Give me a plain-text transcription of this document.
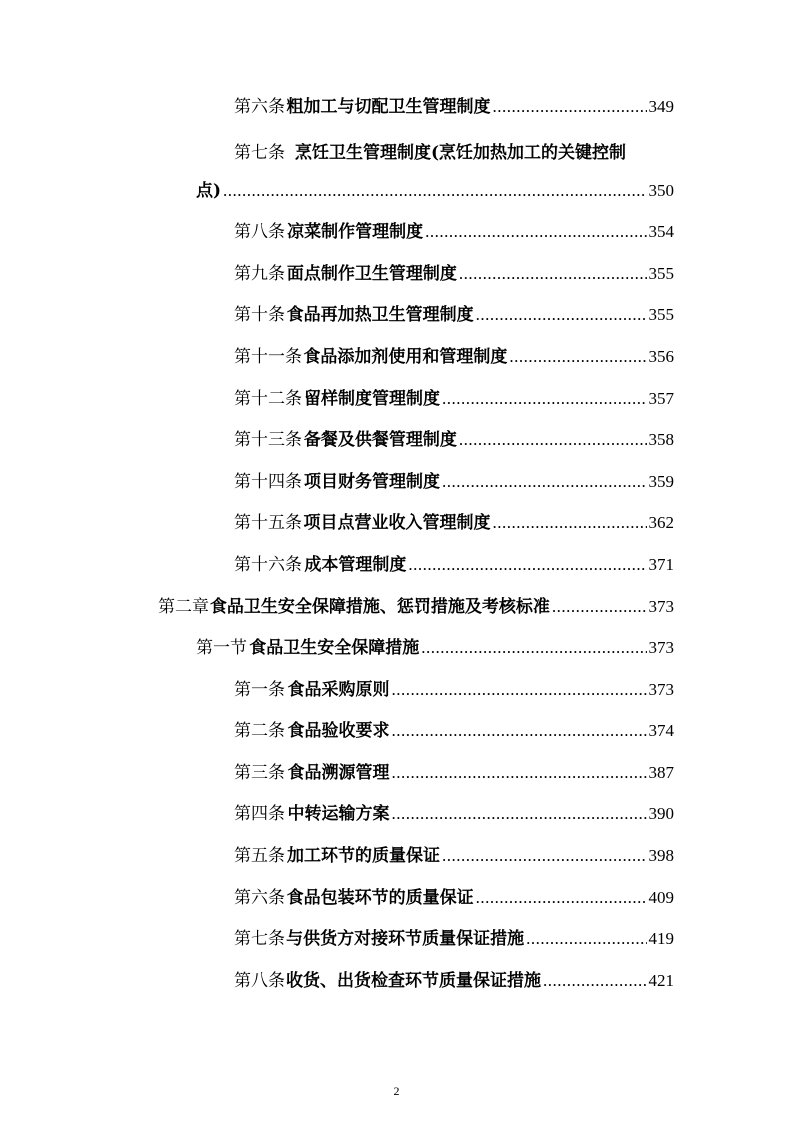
第六条 粗加工与切配卫生管理制度 .....	349
第七条 烹饪卫生管理制度(烹饪加热加工的关键控制
点) .....	350
第八条 凉菜制作管理制度 .....	354
第九条 面点制作卫生管理制度 .....	355
第十条 食品再加热卫生管理制度 .....	355
第十一条 食品添加剂使用和管理制度 .....	356
第十二条 留样制度管理制度 .....	357
第十三条 备餐及供餐管理制度 .....	358
第十四条 项目财务管理制度 .....	359
第十五条 项目点营业收入管理制度 .....	362
第十六条 成本管理制度 .....	371
第二章 食品卫生安全保障措施、惩罚措施及考核标准 .....	373
第一节 食品卫生安全保障措施 .....	373
第一条 食品采购原则 .....	373
第二条 食品验收要求 .....	374
第三条 食品溯源管理 .....	387
第四条 中转运输方案 .....	390
第五条 加工环节的质量保证 .....	398
第六条 食品包装环节的质量保证 .....	409
第七条 与供货方对接环节质量保证措施 .....	419
第八条 收货、出货检查环节质量保证措施 .....	421
2
